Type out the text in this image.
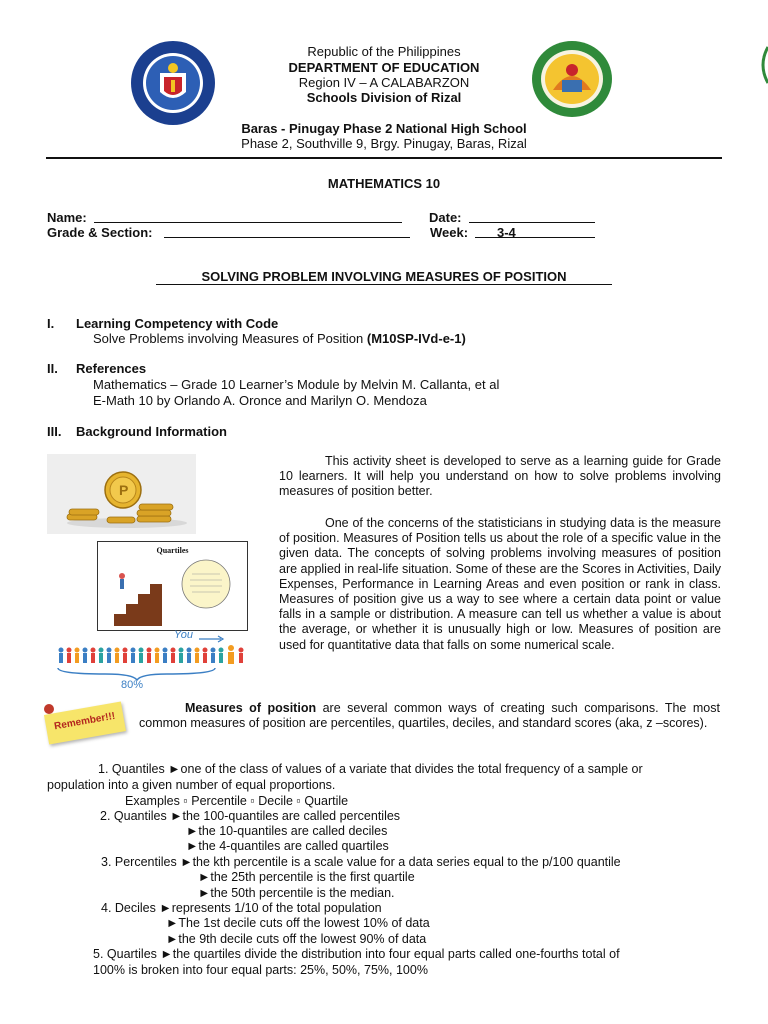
Republic of the Philippines
DEPARTMENT OF EDUCATION
Region IV – A CALABARZON
Schools Division of Rizal
Baras - Pinugay Phase 2 National High School
Phase 2, Southville 9, Brgy. Pinugay, Baras, Rizal
MATHEMATICS 10
Name:	Date:
Grade & Section:	Week: 3-4
SOLVING PROBLEM INVOLVING MEASURES OF POSITION
I. Learning Competency with Code
Solve Problems involving Measures of Position (M10SP-IVd-e-1)
II. References
Mathematics – Grade 10 Learner’s Module by Melvin M. Callanta, et al
E-Math 10 by Orlando A. Oronce and Marilyn O. Mendoza
III. Background Information
P
Quartiles
You
80%
This activity sheet is developed to serve as a learning guide for Grade 10 learners. It will help you understand on how to solve problems involving measures of position better.
One of the concerns of the statisticians in studying data is the measure of position. Measures of Position tells us about the role of a specific value in the given data. The concepts of solving problems involving measures of position are applied in real-life situation. Some of these are the Scores in Activities, Daily Expenses, Performance in Learning Areas and even position or rank in class. Measures of position give us a way to see where a certain data point or value falls in a sample or distribution. A measure can tell us whether a value is about the average, or whether it is unusually high or low. Measures of position are used for quantitative data that falls on some numerical scale.
Remember!!!
Measures of position are several common ways of creating such comparisons. The most common measures of position are percentiles, quartiles, deciles, and standard scores (aka, z –scores).
1. Quantiles ►one of the class of values of a variate that divides the total frequency of a sample or
population into a given number of equal proportions.
Examples ▫ Percentile ▫ Decile ▫ Quartile
2. Quantiles ►the 100-quantiles are called percentiles
►the 10-quantiles are called deciles
►the 4-quantiles are called quartiles
3. Percentiles ►the kth percentile is a scale value for a data series equal to the p/100 quantile
►the 25th percentile is the first quartile
►the 50th percentile is the median.
4. Deciles ►represents 1/10 of the total population
►The 1st decile cuts off the lowest 10% of data
►the 9th decile cuts off the lowest 90% of data
5. Quartiles ►the quartiles divide the distribution into four equal parts called one-fourths total of
100% is broken into four equal parts: 25%, 50%, 75%, 100%
